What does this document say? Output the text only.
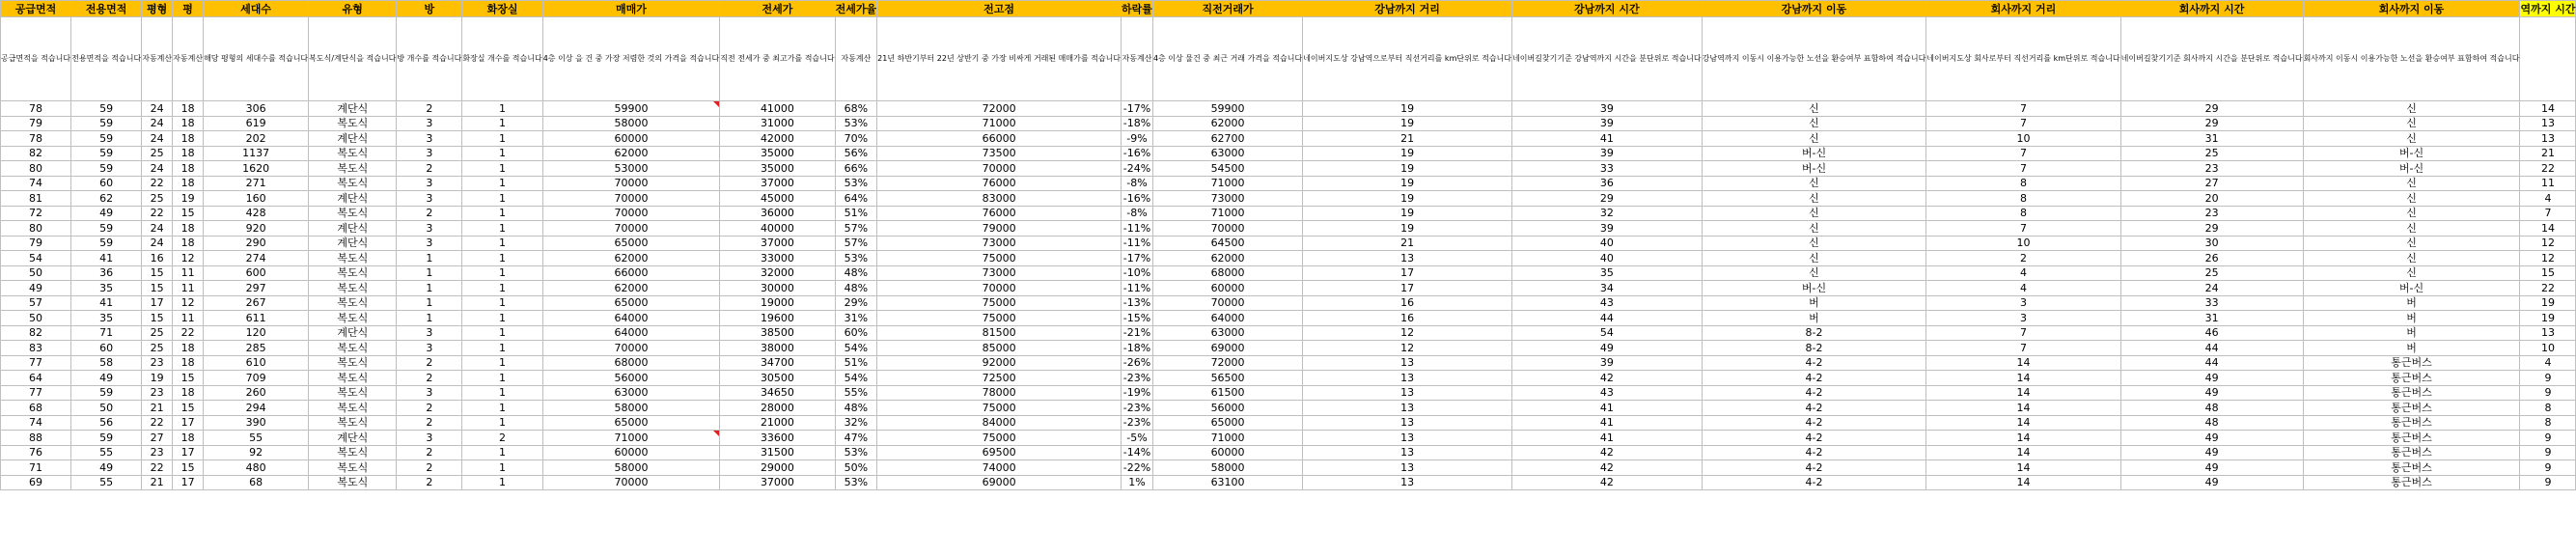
공급면적	전용면적	평형	평	세대수	유형	방	화장실	매매가	전세가	전세가율	전고점	하락률	직전거래가	강남까지 거리	강남까지 시간	강남까지 이동	회사까지 거리	회사까지 시간	회사까지 이동	역까지 시간
공급면적을 적습니다	전용면적을 적습니다	자동계산	자동계산	해당 평형의 세대수를 적습니다	복도식/계단식을 적습니다	방 개수를 적습니다	화장실 개수를 적습니다	4층 이상 을 건 중 가장 저렴한 것의 가격을 적습니다	직전 전세가 중 최고가를 적습니다	자동계산	21년 하반기부터 22년 상반기 중 가장 비싸게 거래된 매매가를 적습니다	자동계산	4층 이상 물건 중 최근 거래 가격을 적습니다	네이버지도상 강남역으로부터 직선거리를 km단위로 적습니다	네이버길찾기기준 강남역까지 시간을 분단위로 적습니다	강남역까지 이동시 이용가능한 노선을 환승여부 표함하여 적습니다	네이버지도상 회사로부터 직선거리를 km단위로 적습니다	네이버길찾기기준 회사까지 시간을 분단위로 적습니다	회사까지 이동시 이용가능한 노선을 환승여부 표함하여 적습니다	
78	59	24	18	306	계단식	2	1	59900	41000	68%	72000	-17%	59900	19	39	신	7	29	신	14
79	59	24	18	619	복도식	3	1	58000	31000	53%	71000	-18%	62000	19	39	신	7	29	신	13
78	59	24	18	202	계단식	3	1	60000	42000	70%	66000	-9%	62700	21	41	신	10	31	신	13
82	59	25	18	1137	복도식	3	1	62000	35000	56%	73500	-16%	63000	19	39	버-신	7	25	버-신	21
80	59	24	18	1620	복도식	2	1	53000	35000	66%	70000	-24%	54500	19	33	버-신	7	23	버-신	22
74	60	22	18	271	복도식	3	1	70000	37000	53%	76000	-8%	71000	19	36	신	8	27	신	11
81	62	25	19	160	계단식	3	1	70000	45000	64%	83000	-16%	73000	19	29	신	8	20	신	4
72	49	22	15	428	복도식	2	1	70000	36000	51%	76000	-8%	71000	19	32	신	8	23	신	7
80	59	24	18	920	계단식	3	1	70000	40000	57%	79000	-11%	70000	19	39	신	7	29	신	14
79	59	24	18	290	계단식	3	1	65000	37000	57%	73000	-11%	64500	21	40	신	10	30	신	12
54	41	16	12	274	복도식	1	1	62000	33000	53%	75000	-17%	62000	13	40	신	2	26	신	12
50	36	15	11	600	복도식	1	1	66000	32000	48%	73000	-10%	68000	17	35	신	4	25	신	15
49	35	15	11	297	복도식	1	1	62000	30000	48%	70000	-11%	60000	17	34	버-신	4	24	버-신	22
57	41	17	12	267	복도식	1	1	65000	19000	29%	75000	-13%	70000	16	43	버	3	33	버	19
50	35	15	11	611	복도식	1	1	64000	19600	31%	75000	-15%	64000	16	44	버	3	31	버	19
82	71	25	22	120	계단식	3	1	64000	38500	60%	81500	-21%	63000	12	54	8-2	7	46	버	13
83	60	25	18	285	복도식	3	1	70000	38000	54%	85000	-18%	69000	12	49	8-2	7	44	버	10
77	58	23	18	610	복도식	2	1	68000	34700	51%	92000	-26%	72000	13	39	4-2	14	44	통근버스	4
64	49	19	15	709	복도식	2	1	56000	30500	54%	72500	-23%	56500	13	42	4-2	14	49	통근버스	9
77	59	23	18	260	복도식	3	1	63000	34650	55%	78000	-19%	61500	13	43	4-2	14	49	통근버스	9
68	50	21	15	294	복도식	2	1	58000	28000	48%	75000	-23%	56000	13	41	4-2	14	48	통근버스	8
74	56	22	17	390	복도식	2	1	65000	21000	32%	84000	-23%	65000	13	41	4-2	14	48	통근버스	8
88	59	27	18	55	계단식	3	2	71000	33600	47%	75000	-5%	71000	13	41	4-2	14	49	통근버스	9
76	55	23	17	92	복도식	2	1	60000	31500	53%	69500	-14%	60000	13	42	4-2	14	49	통근버스	9
71	49	22	15	480	복도식	2	1	58000	29000	50%	74000	-22%	58000	13	42	4-2	14	49	통근버스	9
69	55	21	17	68	복도식	2	1	70000	37000	53%	69000	1%	63100	13	42	4-2	14	49	통근버스	9
